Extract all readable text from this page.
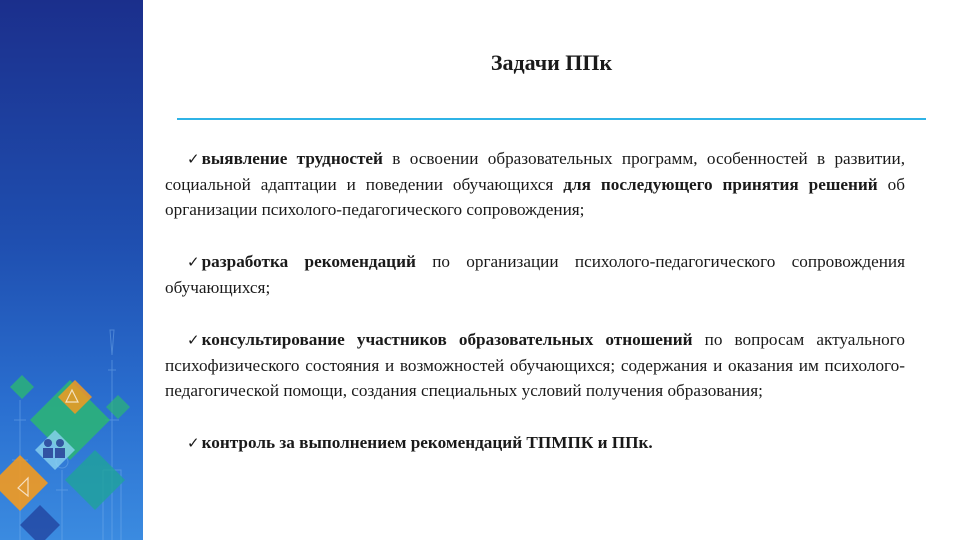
Задачи ППк
✓ выявление трудностей в освоении образовательных программ, особенностей в развитии, социальной адаптации и поведении обучающихся для последующего принятия решений об организации психолого-педагогического сопровождения;
✓ разработка рекомендаций по организации психолого-педагогического сопровождения обучающихся;
✓ консультирование участников образовательных отношений по вопросам актуального психофизического состояния и возможностей обучающихся; содержания и оказания им психолого-педагогической помощи, создания специальных условий получения образования;
✓ контроль за выполнением рекомендаций ТПМПК и ППк.
